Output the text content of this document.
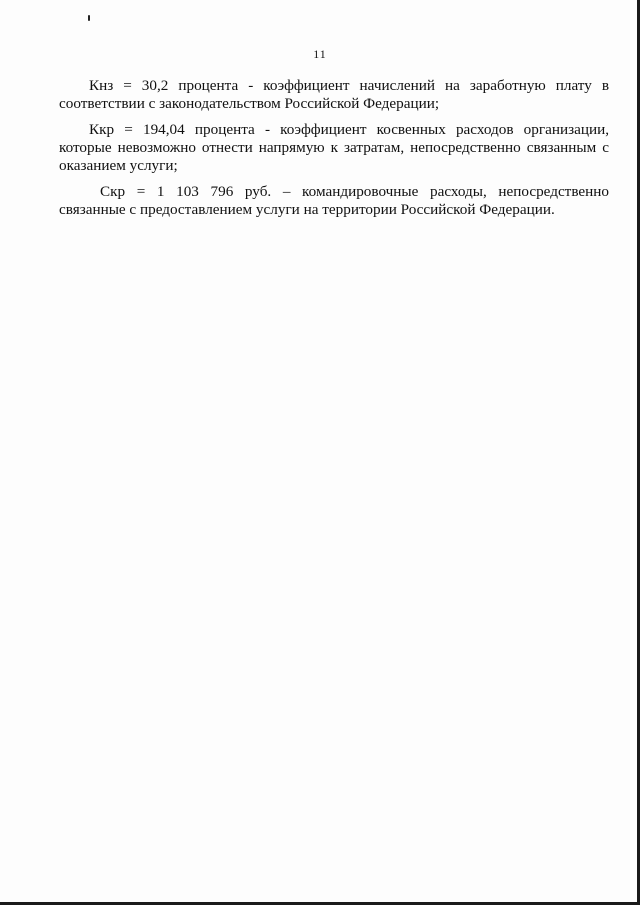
11

Кнз = 30,2 процента - коэффициент начислений на заработную плату в соответствии с законодательством Российской Федерации;

Ккр = 194,04 процента - коэффициент косвенных расходов организации, которые невозможно отнести напрямую к затратам, непосредственно связанным с оказанием услуги;

Скр = 1 103 796 руб. – командировочные расходы, непосредственно связанные с предоставлением услуги на территории Российской Федерации.
